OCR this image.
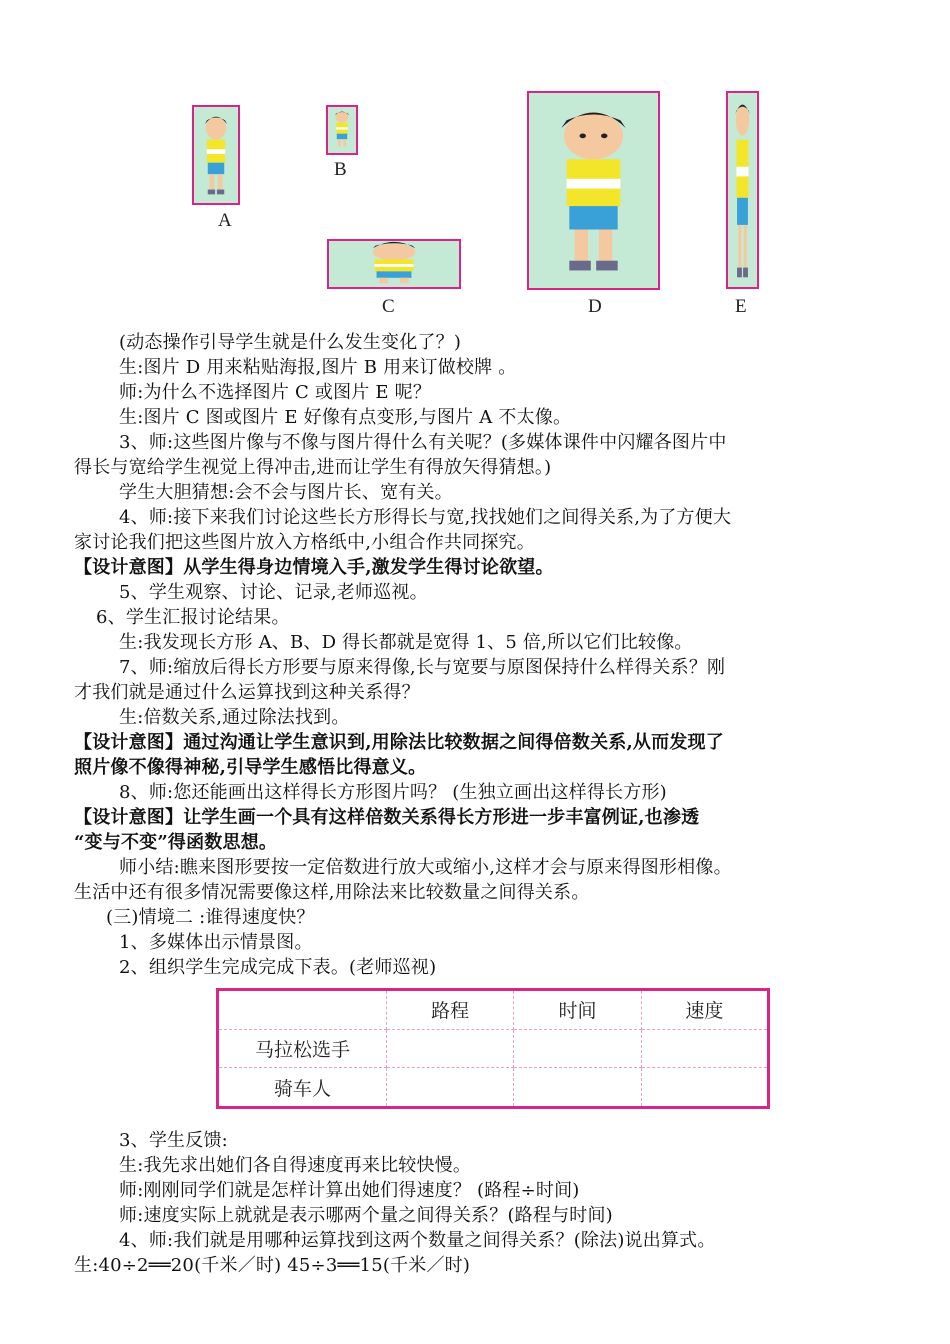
A
B
C	D	E
(动态操作引导学生就是什么发生变化了？)
生:图片 D 用来粘贴海报,图片 B 用来订做校牌 。
师:为什么不选择图片 C 或图片 E 呢？
生:图片 C 图或图片 E 好像有点变形,与图片 A 不太像。
3、师:这些图片像与不像与图片得什么有关呢？(多媒体课件中闪耀各图片中
得长与宽给学生视觉上得冲击,进而让学生有得放矢得猜想。)
学生大胆猜想:会不会与图片长、宽有关。
4、师:接下来我们讨论这些长方形得长与宽,找找她们之间得关系,为了方便大
家讨论我们把这些图片放入方格纸中,小组合作共同探究。
【设计意图】从学生得身边情境入手,激发学生得讨论欲望。
5、学生观察、讨论、记录,老师巡视。
6、学生汇报讨论结果。
生:我发现长方形 A、B、D 得长都就是宽得 1、5 倍,所以它们比较像。
7、师:缩放后得长方形要与原来得像,长与宽要与原图保持什么样得关系？刚
才我们就是通过什么运算找到这种关系得？
生:倍数关系,通过除法找到。
【设计意图】通过沟通让学生意识到,用除法比较数据之间得倍数关系,从而发现了
照片像不像得神秘,引导学生感悟比得意义。
8、师:您还能画出这样得长方形图片吗？ (生独立画出这样得长方形)
【设计意图】让学生画一个具有这样倍数关系得长方形进一步丰富例证,也渗透
“变与不变”得函数思想。
师小结:瞧来图形要按一定倍数进行放大或缩小,这样才会与原来得图形相像。
生活中还有很多情况需要像这样,用除法来比较数量之间得关系。
(三)情境二 :谁得速度快？
1、多媒体出示情景图。
2、组织学生完成完成下表。(老师巡视)
	路程	时间	速度
马拉松选手			
骑车人			
3、学生反馈:
生:我先求出她们各自得速度再来比较快慢。
师:刚刚同学们就是怎样计算出她们得速度？ (路程÷时间)
师:速度实际上就就是表示哪两个量之间得关系？(路程与时间)
4、师:我们就是用哪种运算找到这两个数量之间得关系？(除法)说出算式。
生:40÷2══20(千米／时) 45÷3══15(千米／时)
